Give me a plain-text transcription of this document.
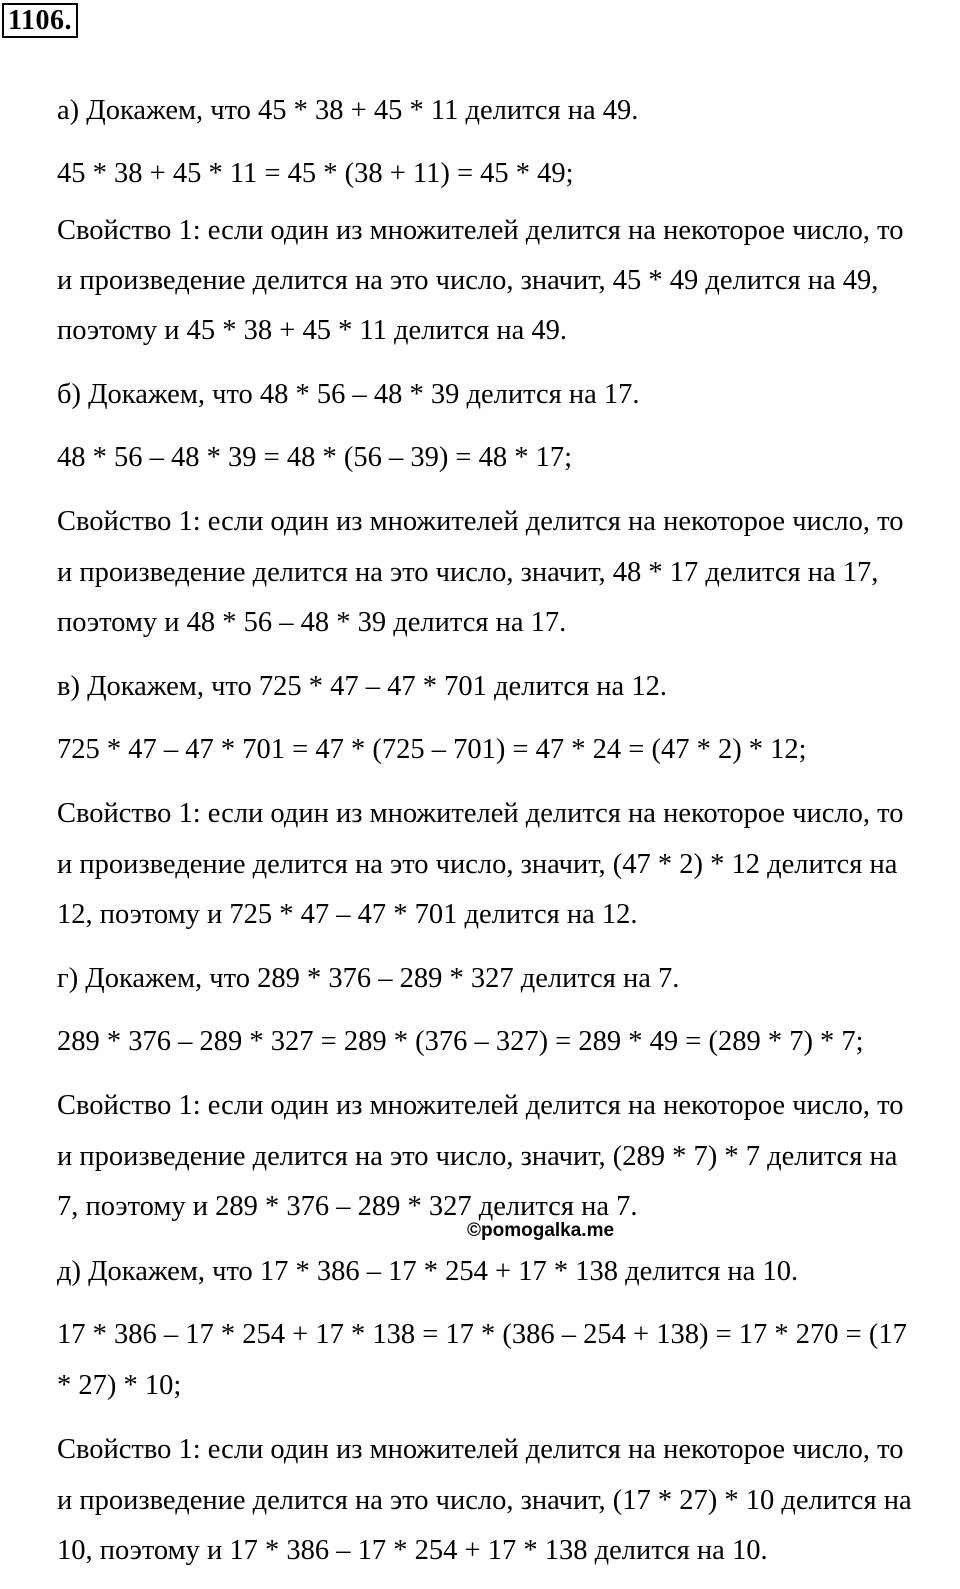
1106.
а) Докажем, что 45 * 38 + 45 * 11 делится на 49.
45 * 38 + 45 * 11 = 45 * (38 + 11) = 45 * 49;
Свойство 1: если один из множителей делится на некоторое число, то
и произведение делится на это число, значит, 45 * 49 делится на 49,
поэтому и 45 * 38 + 45 * 11 делится на 49.
б) Докажем, что 48 * 56 – 48 * 39 делится на 17.
48 * 56 – 48 * 39 = 48 * (56 – 39) = 48 * 17;
Свойство 1: если один из множителей делится на некоторое число, то
и произведение делится на это число, значит, 48 * 17 делится на 17,
поэтому и 48 * 56 – 48 * 39 делится на 17.
в) Докажем, что 725 * 47 – 47 * 701 делится на 12.
725 * 47 – 47 * 701 = 47 * (725 – 701) = 47 * 24 = (47 * 2) * 12;
Свойство 1: если один из множителей делится на некоторое число, то
и произведение делится на это число, значит, (47 * 2) * 12 делится на
12, поэтому и 725 * 47 – 47 * 701 делится на 12.
г) Докажем, что 289 * 376 – 289 * 327 делится на 7.
289 * 376 – 289 * 327 = 289 * (376 – 327) = 289 * 49 = (289 * 7) * 7;
Свойство 1: если один из множителей делится на некоторое число, то
и произведение делится на это число, значит, (289 * 7) * 7 делится на
7, поэтому и 289 * 376 – 289 * 327 делится на 7.
©pomogalka.me
д) Докажем, что 17 * 386 – 17 * 254 + 17 * 138 делится на 10.
17 * 386 – 17 * 254 + 17 * 138 = 17 * (386 – 254 + 138) = 17 * 270 = (17
* 27) * 10;
Свойство 1: если один из множителей делится на некоторое число, то
и произведение делится на это число, значит, (17 * 27) * 10 делится на
10, поэтому и 17 * 386 – 17 * 254 + 17 * 138 делится на 10.
